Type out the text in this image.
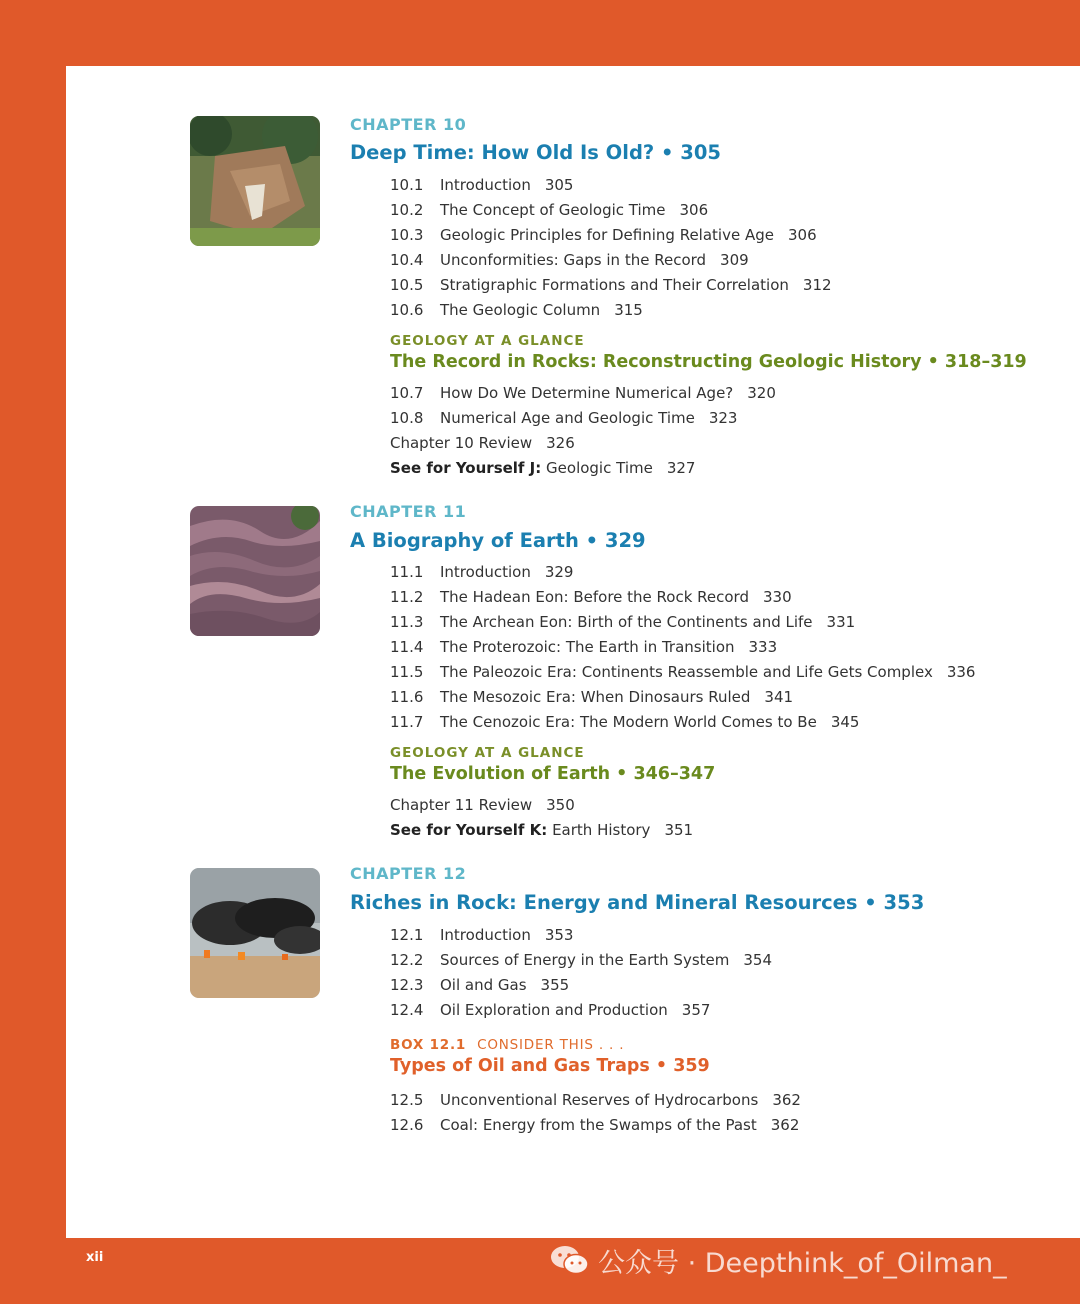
CHAPTER 10
Deep Time: How Old Is Old? • 305
10.1 Introduction 305
10.2 The Concept of Geologic Time 306
10.3 Geologic Principles for Defining Relative Age 306
10.4 Unconformities: Gaps in the Record 309
10.5 Stratigraphic Formations and Their Correlation 312
10.6 The Geologic Column 315
GEOLOGY AT A GLANCE
The Record in Rocks: Reconstructing Geologic History • 318–319
10.7 How Do We Determine Numerical Age? 320
10.8 Numerical Age and Geologic Time 323
Chapter 10 Review 326
See for Yourself J: Geologic Time 327
CHAPTER 11
A Biography of Earth • 329
11.1 Introduction 329
11.2 The Hadean Eon: Before the Rock Record 330
11.3 The Archean Eon: Birth of the Continents and Life 331
11.4 The Proterozoic: The Earth in Transition 333
11.5 The Paleozoic Era: Continents Reassemble and Life Gets Complex 336
11.6 The Mesozoic Era: When Dinosaurs Ruled 341
11.7 The Cenozoic Era: The Modern World Comes to Be 345
GEOLOGY AT A GLANCE
The Evolution of Earth • 346–347
Chapter 11 Review 350
See for Yourself K: Earth History 351
CHAPTER 12
Riches in Rock: Energy and Mineral Resources • 353
12.1 Introduction 353
12.2 Sources of Energy in the Earth System 354
12.3 Oil and Gas 355
12.4 Oil Exploration and Production 357
BOX 12.1 CONSIDER THIS . . .
Types of Oil and Gas Traps • 359
12.5 Unconventional Reserves of Hydrocarbons 362
12.6 Coal: Energy from the Swamps of the Past 362
xii	公众号 · Deepthink_of_Oilman_
